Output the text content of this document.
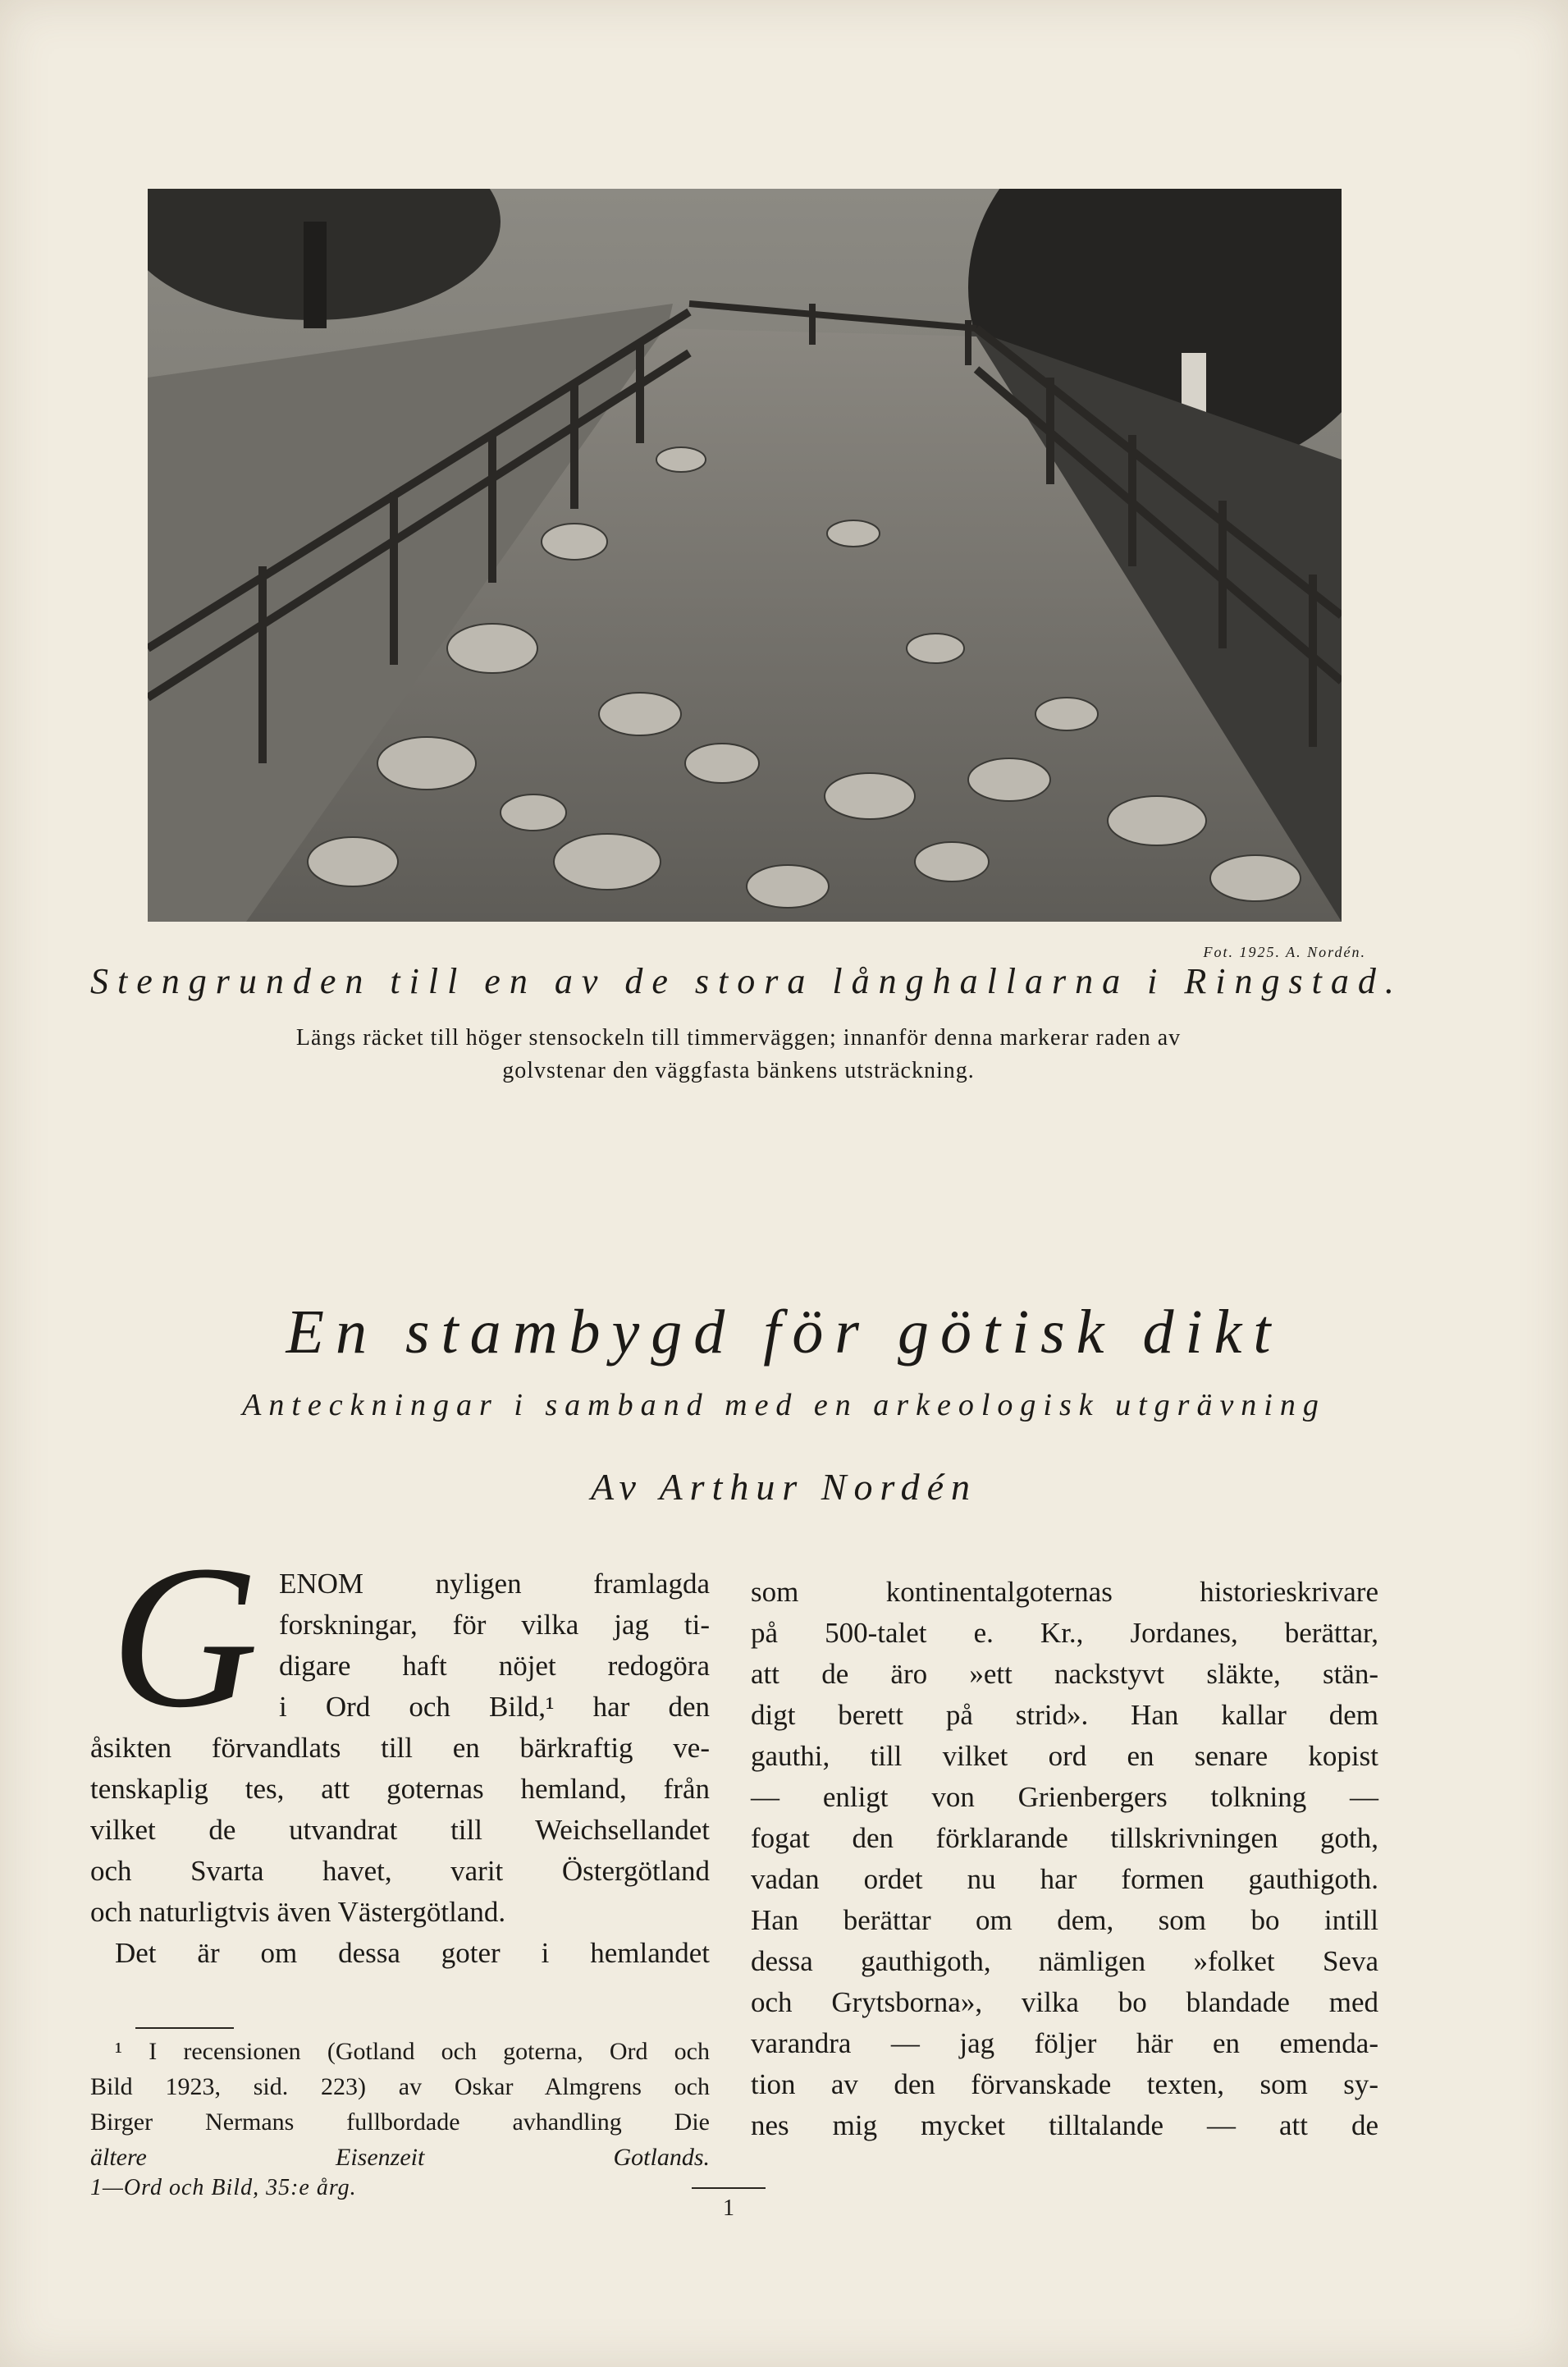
Fot. 1925. A. Nordén.
Stengrunden till en av de stora långhallarna i Ringstad.
Längs räcket till höger stensockeln till timmerväggen; innanför denna markerar raden av
golvstenar den väggfasta bänkens utsträckning.
En stambygd för götisk dikt
Anteckningar i samband med en arkeologisk utgrävning
Av Arthur Nordén
G ENOM nyligen framlagda
forskningar, för vilka jag ti-
digare haft nöjet redogöra
i Ord och Bild,¹ har den
åsikten förvandlats till en bärkraftig ve-
tenskaplig tes, att goternas hemland, från
vilket de utvandrat till Weichsellandet
och Svarta havet, varit Östergötland
och naturligtvis även Västergötland.
Det är om dessa goter i hemlandet
¹ I recensionen (Gotland och goterna, Ord och
Bild 1923, sid. 223) av Oskar Almgrens och
Birger Nermans fullbordade avhandling Die
ältere Eisenzeit Gotlands.
som kontinentalgoternas historieskrivare
på 500-talet e. Kr., Jordanes, berättar,
att de äro »ett nackstyvt släkte, stän-
digt berett på strid». Han kallar dem
gauthi, till vilket ord en senare kopist
— enligt von Grienbergers tolkning —
fogat den förklarande tillskrivningen goth,
vadan ordet nu har formen gauthigoth.
Han berättar om dem, som bo intill
dessa gauthigoth, nämligen »folket Seva
och Grytsborna», vilka bo blandade med
varandra — jag följer här en emenda-
tion av den förvanskade texten, som sy-
nes mig mycket tilltalande — att de
1—Ord och Bild, 35:e årg.
1
